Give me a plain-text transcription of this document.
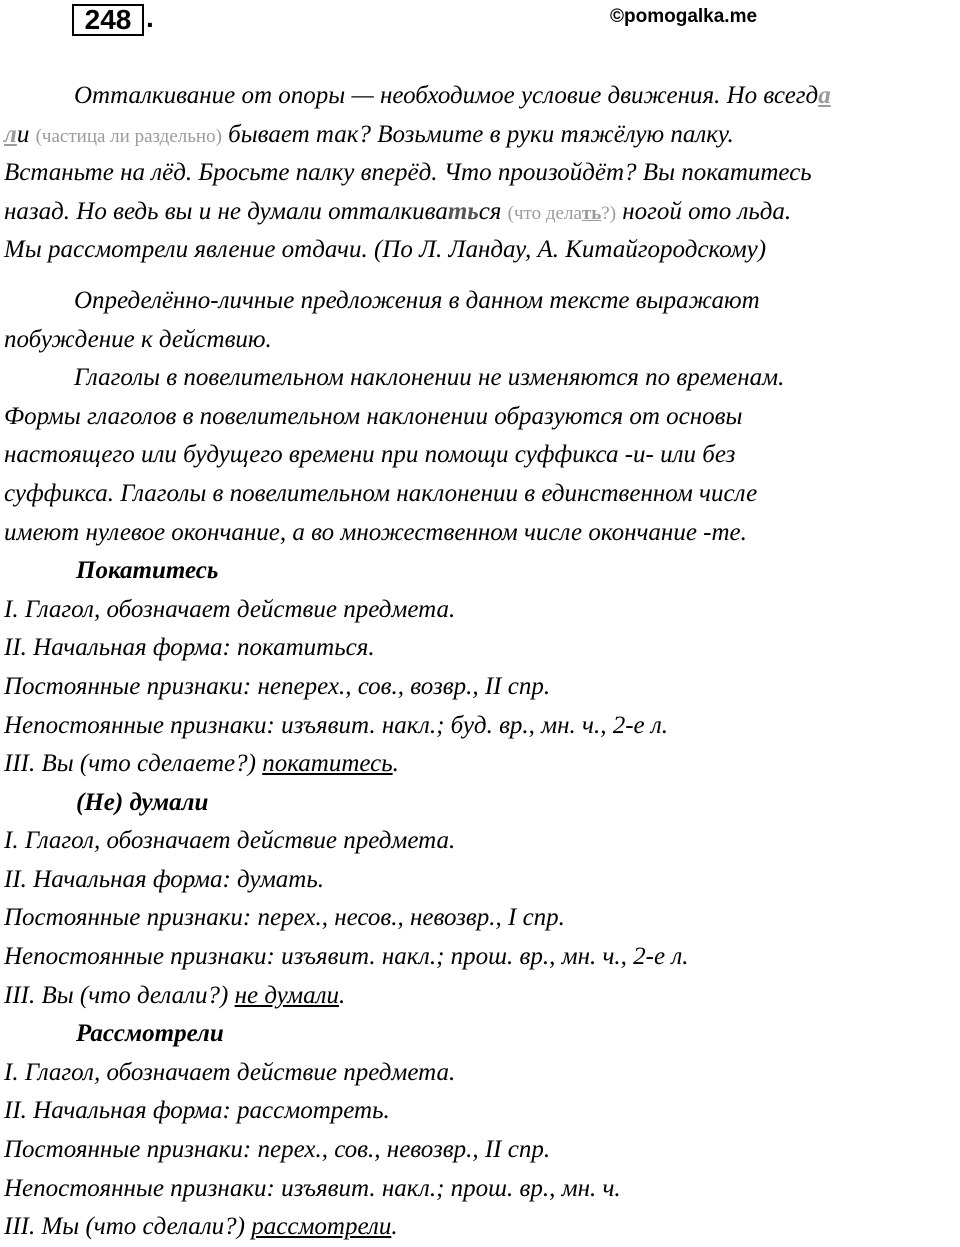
248 .	©pomogalka.me
Отталкивание от опоры — необходимое условие движения. Но всегда
ли (частица ли раздельно) бывает так? Возьмите в руки тяжёлую палку.
Встаньте на лёд. Бросьте палку вперёд. Что произойдёт? Вы покатитесь
назад. Но ведь вы и не думали отталкиваться (что делать?) ногой ото льда.
Мы рассмотрели явление отдачи. (По Л. Ландау, А. Китайгородскому)
Определённо-личные предложения в данном тексте выражают
побуждение к действию.
Глаголы в повелительном наклонении не изменяются по временам.
Формы глаголов в повелительном наклонении образуются от основы
настоящего или будущего времени при помощи суффикса -и- или без
суффикса. Глаголы в повелительном наклонении в единственном числе
имеют нулевое окончание, а во множественном числе окончание -те.
Покатитесь
I. Глагол, обозначает действие предмета.
II. Начальная форма: покатиться.
Постоянные признаки: неперех., сов., возвр., II спр.
Непостоянные признаки: изъявит. накл.; буд. вр., мн. ч., 2-е л.
III. Вы (что сделаете?) покатитесь.
(Не) думали
I. Глагол, обозначает действие предмета.
II. Начальная форма: думать.
Постоянные признаки: перех., несов., невозвр., I спр.
Непостоянные признаки: изъявит. накл.; прош. вр., мн. ч., 2-е л.
III. Вы (что делали?) не думали.
Рассмотрели
I. Глагол, обозначает действие предмета.
II. Начальная форма: рассмотреть.
Постоянные признаки: перех., сов., невозвр., II спр.
Непостоянные признаки: изъявит. накл.; прош. вр., мн. ч.
III. Мы (что сделали?) рассмотрели.
